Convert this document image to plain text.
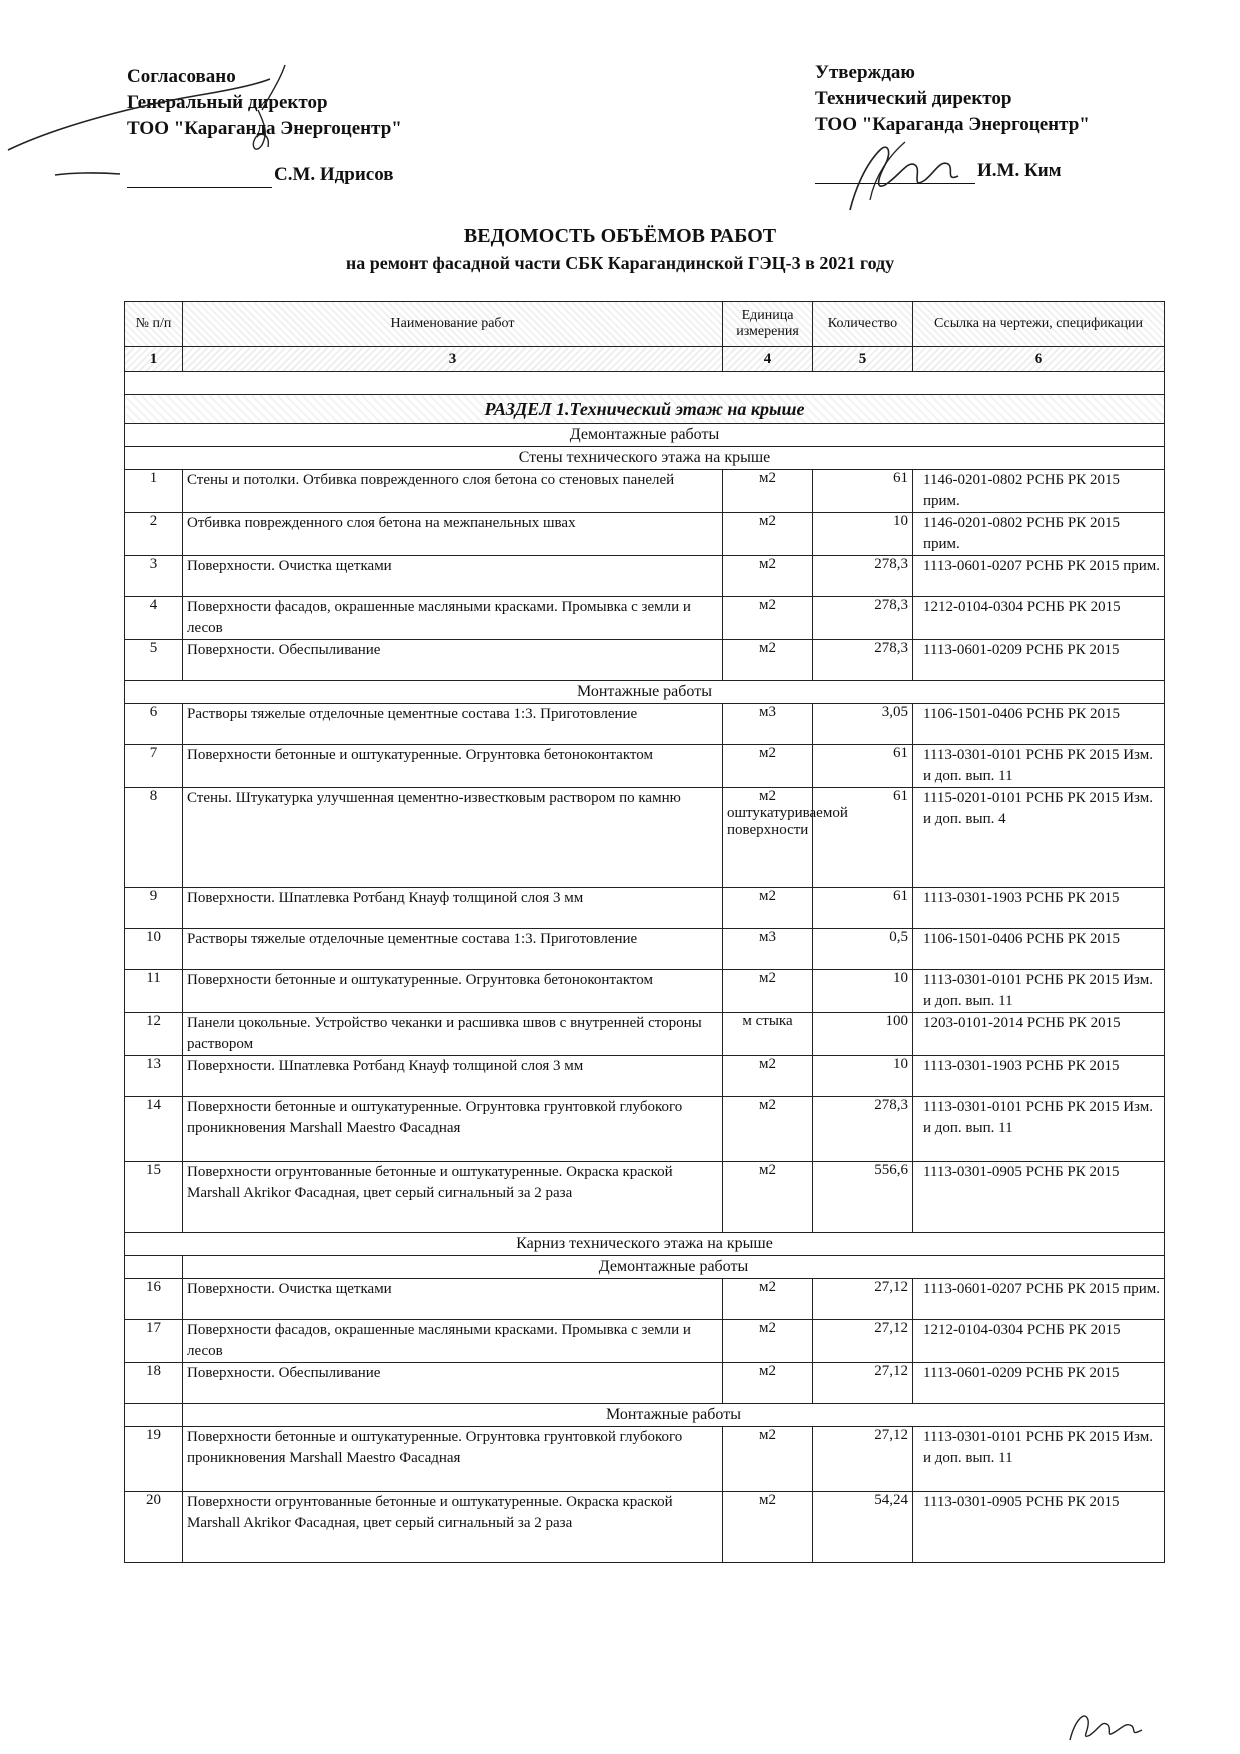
Согласовано
Генеральный директор
ТОО "Караганда Энергоцентр"
С.М. Идрисов
Утверждаю
Технический директор
ТОО "Караганда Энергоцентр"
И.М. Ким
ВЕДОМОСТЬ ОБЪЁМОВ РАБОТ
на ремонт фасадной части СБК Карагандинской ГЭЦ-3 в 2021 году
№ п/п	Наименование работ	Единица измерения	Количество	Ссылка на чертежи, спецификации
1	3	4	5	6

РАЗДЕЛ 1.Технический этаж на крыше				
Демонтажные работы				
Стены технического этажа на крыше				
1	Стены и потолки. Отбивка поврежденного слоя бетона со стеновых панелей	м2	61	1146-0201-0802 РСНБ РК 2015 прим.
2	Отбивка поврежденного слоя бетона на межпанельных швах	м2	10	1146-0201-0802 РСНБ РК 2015 прим.
3	Поверхности. Очистка щетками	м2	278,3	1113-0601-0207 РСНБ РК 2015 прим.
4	Поверхности фасадов, окрашенные масляными красками. Промывка с земли и лесов	м2	278,3	1212-0104-0304 РСНБ РК 2015
5	Поверхности. Обеспыливание	м2	278,3	1113-0601-0209 РСНБ РК 2015
Монтажные работы				
6	Растворы тяжелые отделочные цементные состава 1:3. Приготовление	м3	3,05	1106-1501-0406 РСНБ РК 2015
7	Поверхности бетонные и оштукатуренные. Огрунтовка бетоноконтактом	м2	61	1113-0301-0101 РСНБ РК 2015 Изм. и доп. вып. 11
8	Стены. Штукатурка улучшенная цементно-известковым раствором по камню	м2 оштукатуриваемой поверхности	61	1115-0201-0101 РСНБ РК 2015 Изм. и доп. вып. 4
9	Поверхности. Шпатлевка Ротбанд Кнауф толщиной слоя 3 мм	м2	61	1113-0301-1903 РСНБ РК 2015
10	Растворы тяжелые отделочные цементные состава 1:3. Приготовление	м3	0,5	1106-1501-0406 РСНБ РК 2015
11	Поверхности бетонные и оштукатуренные. Огрунтовка бетоноконтактом	м2	10	1113-0301-0101 РСНБ РК 2015 Изм. и доп. вып. 11
12	Панели цокольные. Устройство чеканки и расшивка швов с внутренней стороны раствором	м стыка	100	1203-0101-2014 РСНБ РК 2015
13	Поверхности. Шпатлевка Ротбанд Кнауф толщиной слоя 3 мм	м2	10	1113-0301-1903 РСНБ РК 2015
14	Поверхности бетонные и оштукатуренные. Огрунтовка грунтовкой глубокого проникновения Marshall Maestro Фасадная	м2	278,3	1113-0301-0101 РСНБ РК 2015 Изм. и доп. вып. 11
15	Поверхности огрунтованные бетонные и оштукатуренные. Окраска краской Marshall Akrikor Фасадная, цвет серый сигнальный за 2 раза	м2	556,6	1113-0301-0905 РСНБ РК 2015
Карниз технического этажа на крыше				
	Демонтажные работы			
16	Поверхности. Очистка щетками	м2	27,12	1113-0601-0207 РСНБ РК 2015 прим.
17	Поверхности фасадов, окрашенные масляными красками. Промывка с земли и лесов	м2	27,12	1212-0104-0304 РСНБ РК 2015
18	Поверхности. Обеспыливание	м2	27,12	1113-0601-0209 РСНБ РК 2015
	Монтажные работы			
19	Поверхности бетонные и оштукатуренные. Огрунтовка грунтовкой глубокого проникновения Marshall Maestro Фасадная	м2	27,12	1113-0301-0101 РСНБ РК 2015 Изм. и доп. вып. 11
20	Поверхности огрунтованные бетонные и оштукатуренные. Окраска краской Marshall Akrikor Фасадная, цвет серый сигнальный за 2 раза	м2	54,24	1113-0301-0905 РСНБ РК 2015
